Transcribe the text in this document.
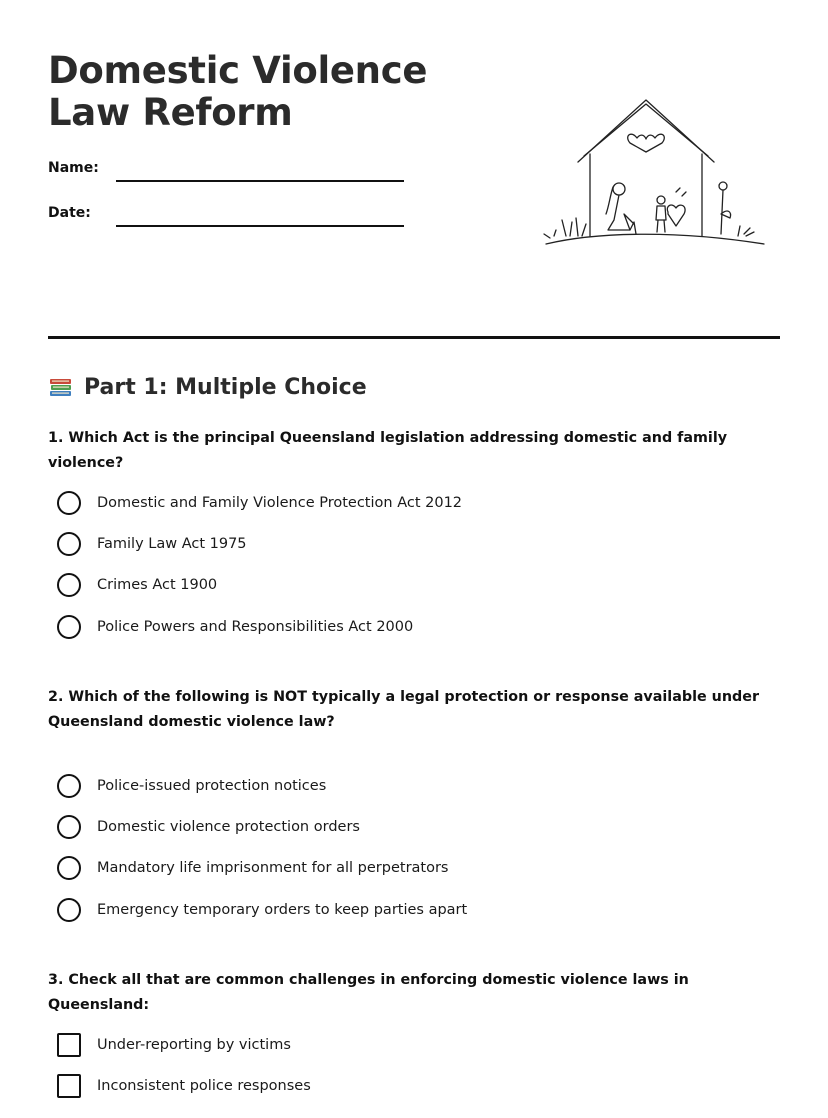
Domestic Violence Law Reform
Name:
Date:
Part 1: Multiple Choice
1. Which Act is the principal Queensland legislation addressing domestic and family violence?
Domestic and Family Violence Protection Act 2012
Family Law Act 1975
Crimes Act 1900
Police Powers and Responsibilities Act 2000
2. Which of the following is NOT typically a legal protection or response available under Queensland domestic violence law?
Police-issued protection notices
Domestic violence protection orders
Mandatory life imprisonment for all perpetrators
Emergency temporary orders to keep parties apart
3. Check all that are common challenges in enforcing domestic violence laws in Queensland:
Under-reporting by victims
Inconsistent police responses
